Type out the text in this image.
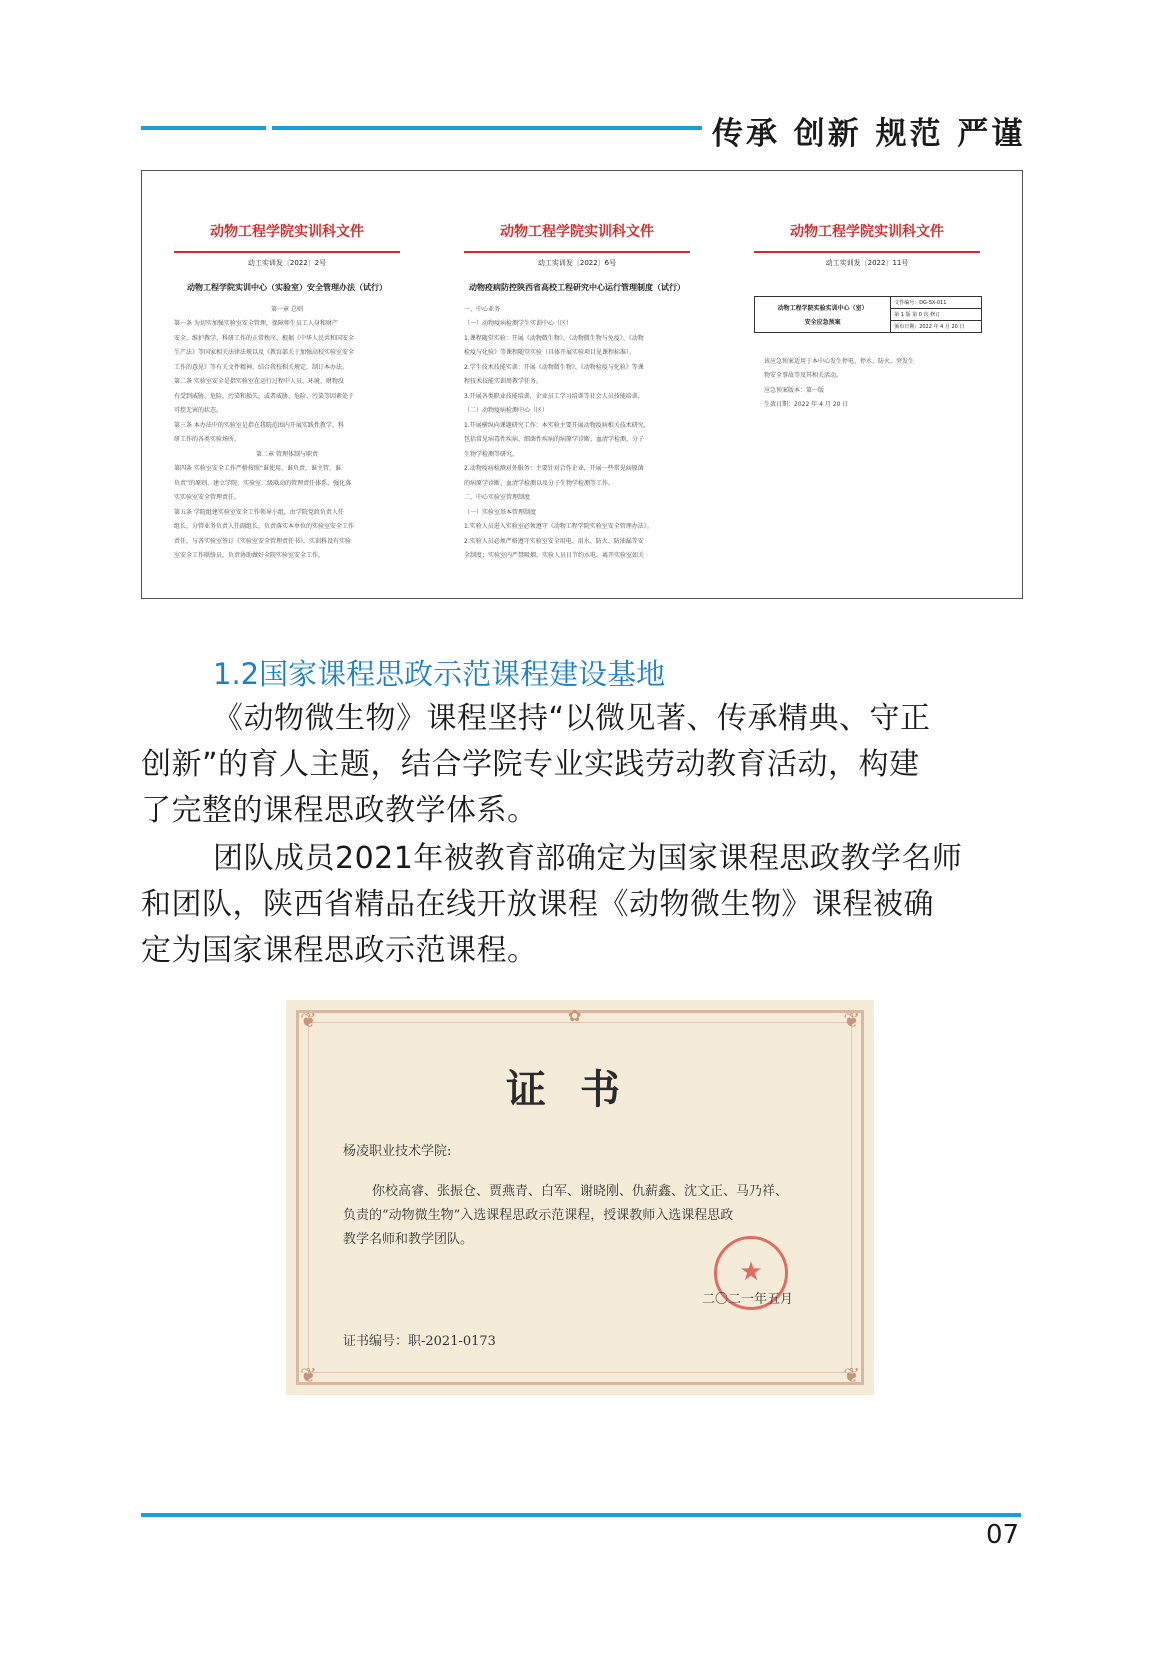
传承 创新 规范 严谨
动物工程学院实训科文件
动工实训发〔2022〕2号
动物工程学院实训中心（实验室）安全管理办法（试行）
第一章 总则
第一条 为切实加强实验室安全管理，保障师生员工人身和财产
安全，维护教学、科研工作的正常秩序，根据《中华人民共和国安全
生产法》等国家相关法律法规以及《教育部关于加强高校实验室安全
工作的意见》等有关文件精神，结合我校相关规定，制订本办法。
第二条 实验室安全是指实验室在运行过程中人员、环境、财物没
有受到威胁、危险、污染和损失，或者威胁、危险、污染等因素处于
可控无害的状态。
第三条 本办法中的实验室是指在我院范围内开展实践性教学、科
研工作的各类实验场所。
第二章 管理体制与职责
第四条 实验室安全工作严格按照“谁使用、谁负责，谁主管、谁
负责”的原则，建立学院、实验室二级联动的管理责任体系，强化落
实实验室安全管理责任。
第五条 学院组建实验室安全工作领导小组，由学院党政负责人任
组长，分管业务负责人任副组长，负责落实本单位的实验室安全工作
责任，与各实验室签订《实验室安全管理责任书》，实训科设有实验
室安全工作联络员，负责协助做好全院实验室安全工作。
动物工程学院实训科文件
动工实训发〔2022〕6号
动物疫病防控陕西省高校工程研究中心运行管理制度（试行）
一、中心业务
（一）动物疫病检测学生实训中心（区）
1.课程随堂实验：开展《动物微生物》、《动物微生物与免疫》、《动物
检疫与化验》等课程随堂实验（具体开展实验项目见课程标准）。
2.学生技术技能实训：开展《动物微生物》、《动物检疫与化验》等课
程技术技能实训周教学任务。
3.开展各类职业技能培训，企业员工学习培训等社会人员技能培训。
（二）动物疫病检测中心（区）
1.开展横纵向课题研究工作：本实验主要开展动物疫病相关技术研究，
包括常见病毒性疾病、细菌性疾病的病原学诊断、血清学检测、分子
生物学检测等研究。
2.动物疫病检测对外服务：主要针对合作企业，开展一些常见病原菌
的病原学诊断、血清学检测以及分子生物学检测等工作。
二、中心实验室管理制度
（一）实验室基本管理制度
1.实验人员进入实验室必须遵守《动物工程学院实验室安全管理办法》。
2.实验人员必须严格遵守实验室安全用电、用水、防火、防油漏等安
全制度；实验室内严禁吸烟，实验人员日节约水电，离开实验室如关
动物工程学院实训科文件
动工实训发〔2022〕11号
动物工程学院实验实训中心（室）
安全应急预案
	文件编号：DG-SX-011
第 1 版 第 0 次 修订
颁布日期：2022 年 4 月 20 日
该应急预案适用于本中心发生停电、停水、防火、突发生
物安全事故等及其相关活动。
应急预案版本：第一版
生效日期：2022 年 4 月 20 日
1.2国家课程思政示范课程建设基地
《动物微生物》课程坚持“以微见著、传承精典、守正
创新”的育人主题，结合学院专业实践劳动教育活动，构建
了完整的课程思政教学体系。
团队成员2021年被教育部确定为国家课程思政教学名师
和团队，陕西省精品在线开放课程《动物微生物》课程被确
定为国家课程思政示范课程。
❦	❦
❦	❦
✿
证书
杨凌职业技术学院:
你校高睿、张振仓、贾燕青、白军、谢晓刚、仇薪鑫、沈文正、马乃祥、
负责的“动物微生物”入选课程思政示范课程，授课教师入选课程思政
教学名师和教学团队。
★
二〇二一年五月
证书编号：职-2021-0173
07
